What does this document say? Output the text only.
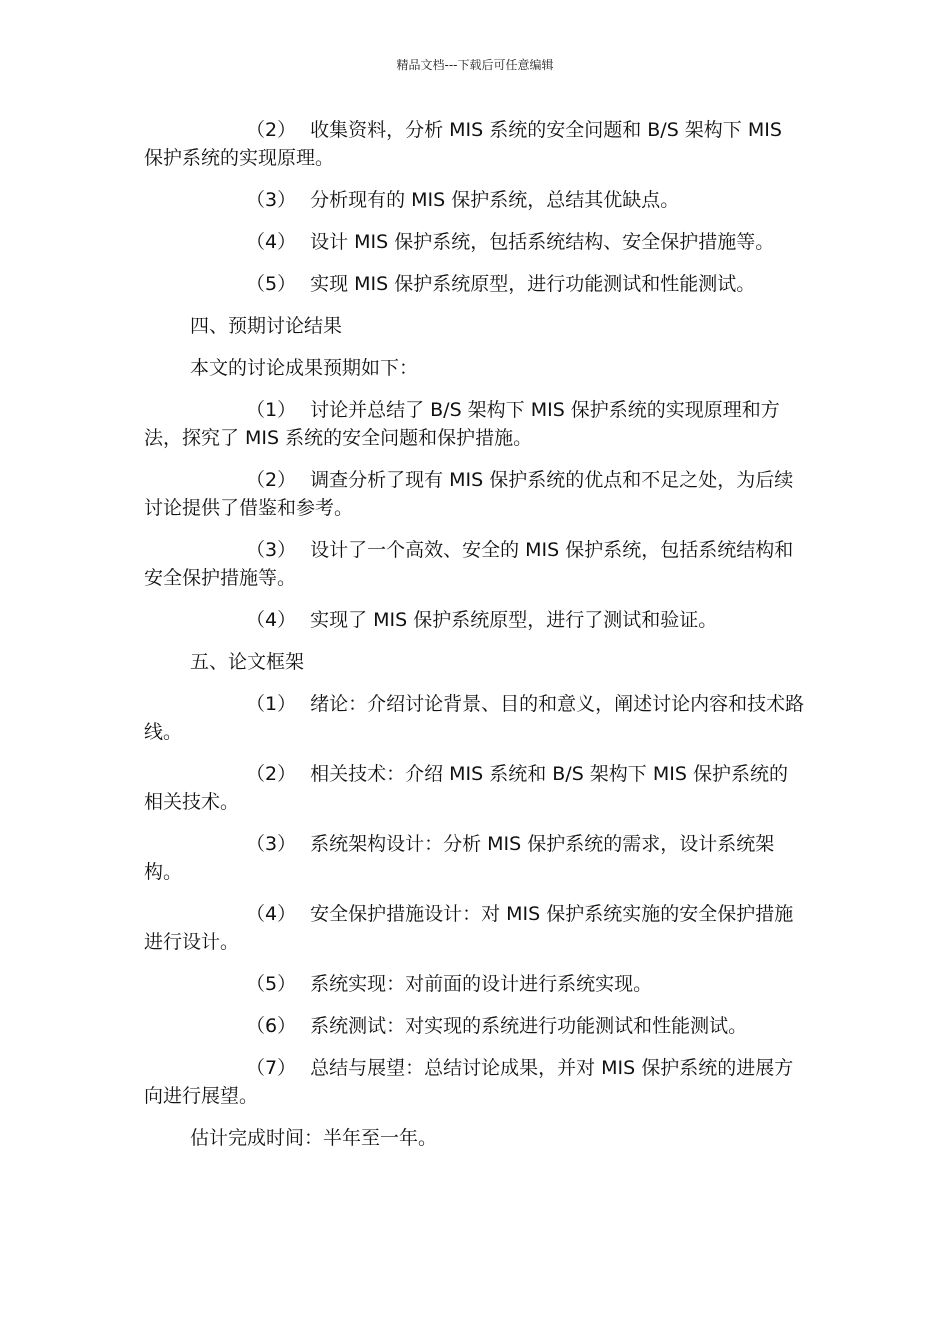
精品文档---下载后可任意编辑

（2） 收集资料，分析 MIS 系统的安全问题和 B/S 架构下 MIS 保护系统的实现原理。

（3） 分析现有的 MIS 保护系统，总结其优缺点。

（4） 设计 MIS 保护系统，包括系统结构、安全保护措施等。

（5） 实现 MIS 保护系统原型，进行功能测试和性能测试。

四、预期讨论结果

本文的讨论成果预期如下：

（1） 讨论并总结了 B/S 架构下 MIS 保护系统的实现原理和方法，探究了 MIS 系统的安全问题和保护措施。

（2） 调查分析了现有 MIS 保护系统的优点和不足之处，为后续讨论提供了借鉴和参考。

（3） 设计了一个高效、安全的 MIS 保护系统，包括系统结构和安全保护措施等。

（4） 实现了 MIS 保护系统原型，进行了测试和验证。

五、论文框架

（1） 绪论：介绍讨论背景、目的和意义，阐述讨论内容和技术路线。

（2） 相关技术：介绍 MIS 系统和 B/S 架构下 MIS 保护系统的相关技术。

（3） 系统架构设计：分析 MIS 保护系统的需求，设计系统架构。

（4） 安全保护措施设计：对 MIS 保护系统实施的安全保护措施进行设计。

（5） 系统实现：对前面的设计进行系统实现。

（6） 系统测试：对实现的系统进行功能测试和性能测试。

（7） 总结与展望：总结讨论成果，并对 MIS 保护系统的进展方向进行展望。

估计完成时间：半年至一年。
